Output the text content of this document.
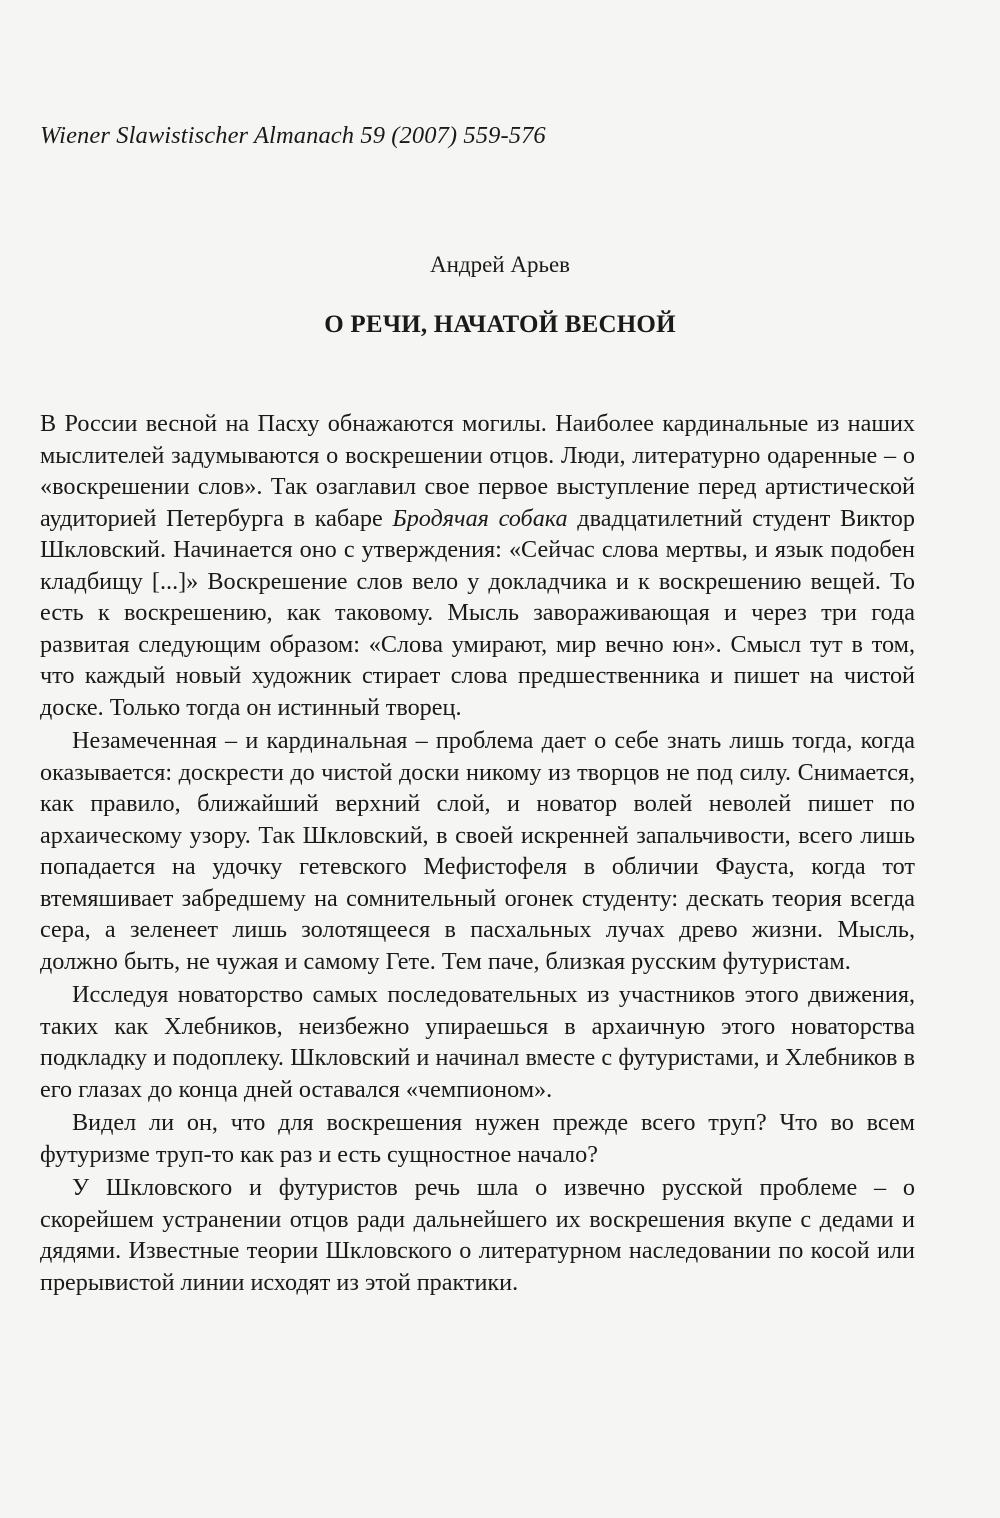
Wiener Slawistischer Almanach 59 (2007) 559-576
Андрей Арьев
О РЕЧИ, НАЧАТОЙ ВЕСНОЙ

В России весной на Пасху обнажаются могилы. Наиболее кардинальные из наших мыслителей задумываются о воскрешении отцов. Люди, литературно одаренные – о «воскрешении слов». Так озаглавил свое первое выступление перед артистической аудиторией Петербурга в кабаре Бродячая собака двадцатилетний студент Виктор Шкловский. Начинается оно с утверждения: «Сейчас слова мертвы, и язык подобен кладбищу [...]» Воскрешение слов вело у докладчика и к воскрешению вещей. То есть к воскрешению, как таковому. Мысль завораживающая и через три года развитая следующим образом: «Слова умирают, мир вечно юн». Смысл тут в том, что каждый новый художник стирает слова предшественника и пишет на чистой доске. Только тогда он истинный творец.

Незамеченная – и кардинальная – проблема дает о себе знать лишь тогда, когда оказывается: доскрести до чистой доски никому из творцов не под силу. Снимается, как правило, ближайший верхний слой, и новатор волей неволей пишет по архаическому узору. Так Шкловский, в своей искренней запальчивости, всего лишь попадается на удочку гетевского Мефистофеля в обличии Фауста, когда тот втемяшивает забредшему на сомнительный огонек студенту: дескать теория всегда сера, а зеленеет лишь золотящееся в пасхальных лучах древо жизни. Мысль, должно быть, не чужая и самому Гете. Тем паче, близкая русским футуристам.

Исследуя новаторство самых последовательных из участников этого движения, таких как Хлебников, неизбежно упираешься в архаичную этого новаторства подкладку и подоплеку. Шкловский и начинал вместе с футуристами, и Хлебников в его глазах до конца дней оставался «чемпионом».

Видел ли он, что для воскрешения нужен прежде всего труп? Что во всем футуризме труп-то как раз и есть сущностное начало?

У Шкловского и футуристов речь шла о извечно русской проблеме – о скорейшем устранении отцов ради дальнейшего их воскрешения вкупе с дедами и дядями. Известные теории Шкловского о литературном наследовании по косой или прерывистой линии исходят из этой практики.
